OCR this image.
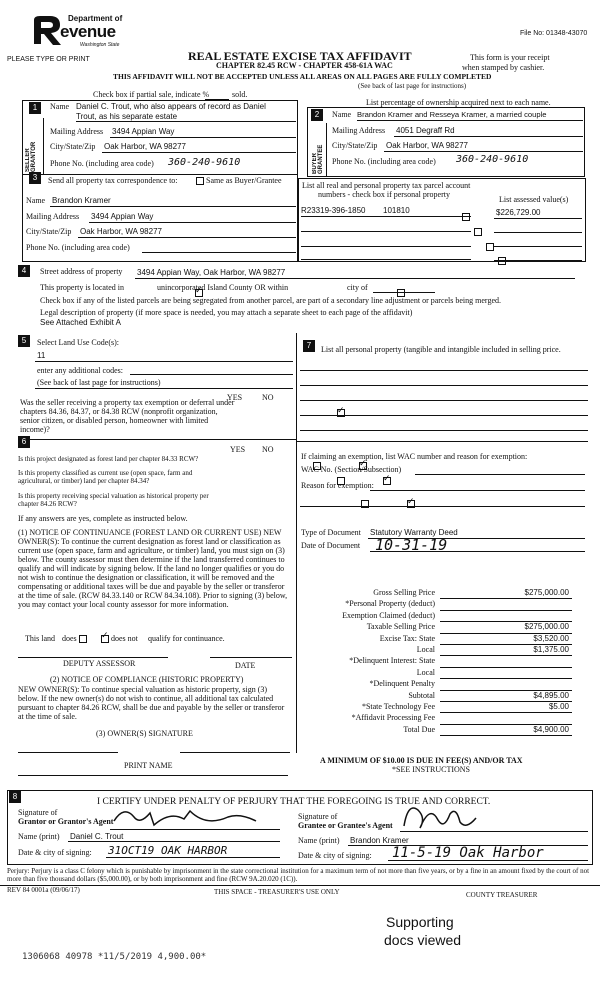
Department of
evenue
Washington State
PLEASE TYPE OR PRINT
File No: 01348-43070
REAL ESTATE EXCISE TAX AFFIDAVIT
CHAPTER 82.45 RCW - CHAPTER 458-61A WAC
This form is your receipt
when stamped by cashier.
THIS AFFIDAVIT WILL NOT BE ACCEPTED UNLESS ALL AREAS ON ALL PAGES ARE FULLY COMPLETED
(See back of last page for instructions)
Check box if partial sale, indicate %	sold.
List percentage of ownership acquired next to each name.
1
SELLER GRANTOR
Name Daniel C. Trout, who also appears of record as Daniel
Trout, as his separate estate
Mailing Address 3494 Appian Way
City/State/Zip Oak Harbor, WA 98277
Phone No. (including area code) 360-240-9610
2
BUYER GRANTEE
Name Brandon Kramer and Resseya Kramer, a married couple
Mailing Address 4051 Degraff Rd
City/State/Zip Oak Harbor, WA 98277
Phone No. (including area code) 360-240-9610
3	Send all property tax correspondence to:	Same as Buyer/Grantee
Name Brandon Kramer
Mailing Address 3494 Appian Way
City/State/Zip Oak Harbor, WA 98277
Phone No. (including area code)
List all real and personal property tax parcel account
numbers - check box if personal property
List assessed value(s)
R23319-396-1850 101810	$226,729.00

4	Street address of property 3494 Appian Way, Oak Harbor, WA 98277
This property is located in
✓	unincorporated Island County OR within
	city of
Check box if any of the listed parcels are being segregated from another parcel, are part of a secondary line adjustment or parcels being merged.
Legal description of property (if more space is needed, you may attach a separate sheet to each page of the affidavit)
See Attached Exhibit A
5	Select Land Use Code(s):
11
enter any additional codes:
(See back of last page for instructions)
YES NO
Was the seller receiving a property tax exemption or deferral under chapters 84.36, 84.37, or 84.38 RCW (nonprofit organization, senior citizen, or disabled person, homeowner with limited income)?
✓
6
YES NO
Is this project designated as forest land per chapter 84.33 RCW?
✓
Is this property classified as current use (open space, farm and agricultural, or timber) land per chapter 84.34?
✓
Is this property receiving special valuation as historical property per chapter 84.26 RCW?
✓
If any answers are yes, complete as instructed below.
(1) NOTICE OF CONTINUANCE (FOREST LAND OR CURRENT USE) NEW OWNER(S): To continue the current designation as forest land or classification as current use (open space, farm and agriculture, or timber) land, you must sign on (3) below. The county assessor must then determine if the land transferred continues to qualify and will indicate by signing below. If the land no longer qualifies or you do not wish to continue the designation or classification, it will be removed and the compensating or additional taxes will be due and payable by the seller or transferor at the time of sale. (RCW 84.33.140 or RCW 84.34.108). Prior to signing (3) below, you may contact your local county assessor for more information.
This land does
✓	does not qualify for continuance.
DEPUTY ASSESSOR	DATE
(2) NOTICE OF COMPLIANCE (HISTORIC PROPERTY)
NEW OWNER(S): To continue special valuation as historic property, sign (3) below. If the new owner(s) do not wish to continue, all additional tax calculated pursuant to chapter 84.26 RCW, shall be due and payable by the seller or transferor at the time of sale.
(3) OWNER(S) SIGNATURE
PRINT NAME
7	List all personal property (tangible and intangible included in selling price.
If claiming an exemption, list WAC number and reason for exemption:
WAC No. (Section/Subsection)
Reason for exemption:
Type of Document Statutory Warranty Deed
Date of Document 10-31-19
Gross Selling Price	$275,000.00
*Personal Property (deduct)
Exemption Claimed (deduct)
Taxable Selling Price	$275,000.00
Excise Tax: State	$3,520.00
Local	$1,375.00
*Delinquent Interest: State
Local
*Delinquent Penalty
Subtotal	$4,895.00
*State Technology Fee	$5.00
*Affidavit Processing Fee
Total Due	$4,900.00
A MINIMUM OF $10.00 IS DUE IN FEE(S) AND/OR TAX
*SEE INSTRUCTIONS
8
I CERTIFY UNDER PENALTY OF PERJURY THAT THE FOREGOING IS TRUE AND CORRECT.
Signature of
Grantor or Grantor's Agent
Name (print) Daniel C. Trout
Date & city of signing: 31OCT19 OAK HARBOR
Signature of
Grantee or Grantee's Agent
Name (print) Brandon Kramer
Date & city of signing: 11-5-19 Oak Harbor
Perjury: Perjury is a class C felony which is punishable by imprisonment in the state correctional institution for a maximum term of not more than five years, or by a fine in an amount fixed by the court of not more than five thousand dollars ($5,000.00), or by both imprisonment and fine (RCW 9A.20.020 (1C)).
REV 84 0001a (09/06/17)	THIS SPACE - TREASURER'S USE ONLY	COUNTY TREASURER
Supporting
docs viewed
1306068 40978 *11/5/2019 4,900.00*
